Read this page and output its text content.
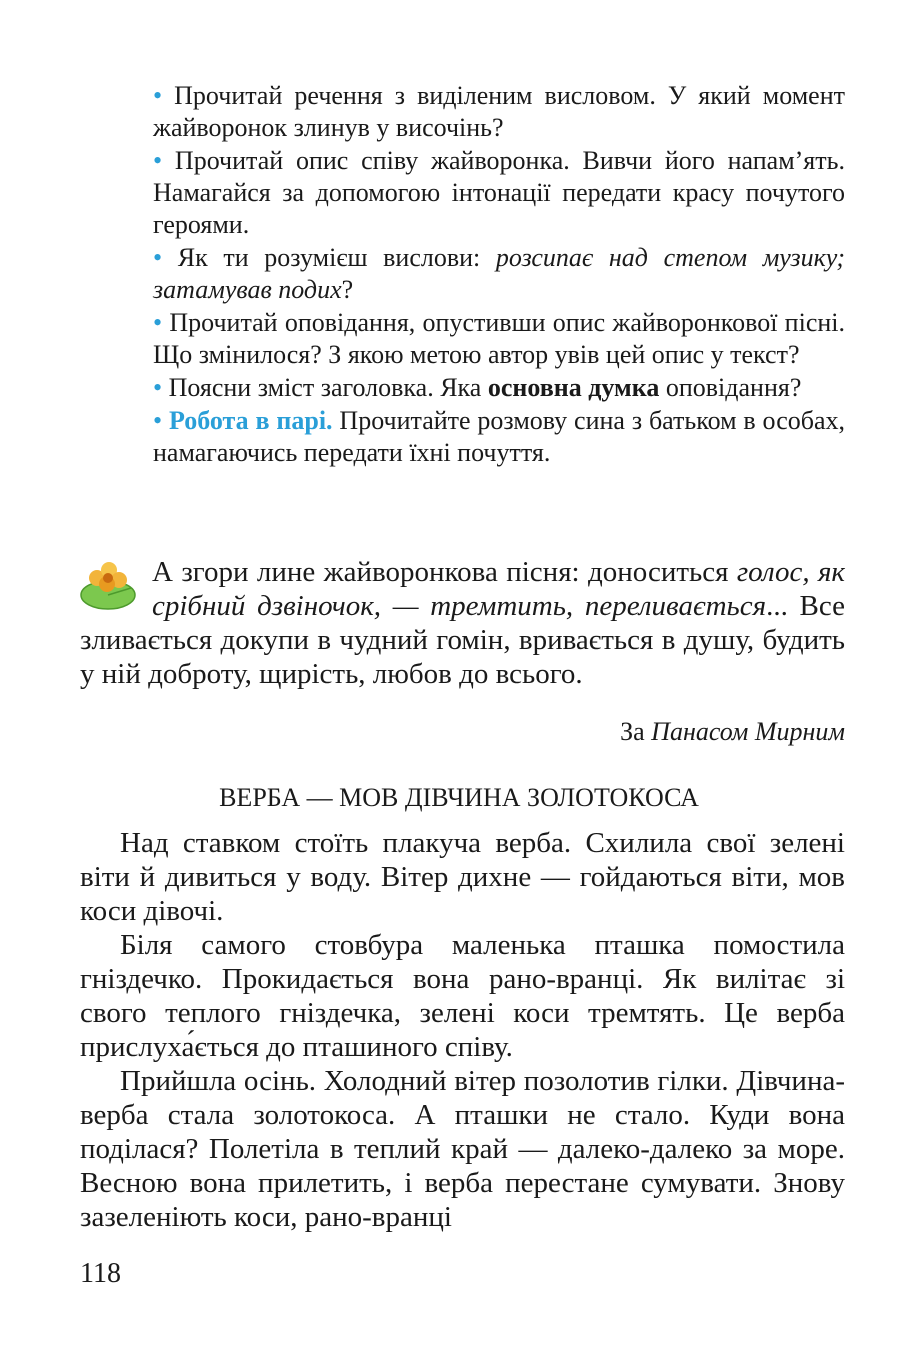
• Прочитай речення з виділеним висловом. У який момент жайворонок злинув у височінь?
• Прочитай опис співу жайворонка. Вивчи його напам’ять. Намагайся за допомогою інтонації передати красу почутого героями.
• Як ти розумієш вислови: розсипає над степом музику; затамував подих?
• Прочитай оповідання, опустивши опис жайворонкової пісні. Що змінилося? З якою метою автор увів цей опис у текст?
• Поясни зміст заголовка. Яка основна думка оповідання?
• Робота в парі. Прочитайте розмову сина з батьком в особах, намагаючись передати їхні почуття.
А згори лине жайворонкова пісня: доноситься голос, як срібний дзвіночок, — тремтить, переливається... Все зливається докупи в чудний гомін, вривається в душу, будить у ній доброту, щирість, любов до всього.
За Панасом Мирним
ВЕРБА — МОВ ДІВЧИНА ЗОЛОТОКОСА

Над ставком стоїть плакуча верба. Схилила свої зелені віти й дивиться у воду. Вітер дихне — гойдаються віти, мов коси дівочі.

Біля самого стовбура маленька пташка помостила гніздечко. Прокидається вона рано-вранці. Як вилітає зі свого теплого гніздечка, зелені коси тремтять. Це верба прислуха́ється до пташиного співу.

Прийшла осінь. Холодний вітер позолотив гілки. Дівчина-верба стала золотокоса. А пташки не стало. Куди вона поділася? Полетіла в теплий край — далеко-далеко за море. Весною вона прилетить, і верба перестане сумувати. Знову зазеленіють коси, рано-вранці

118
